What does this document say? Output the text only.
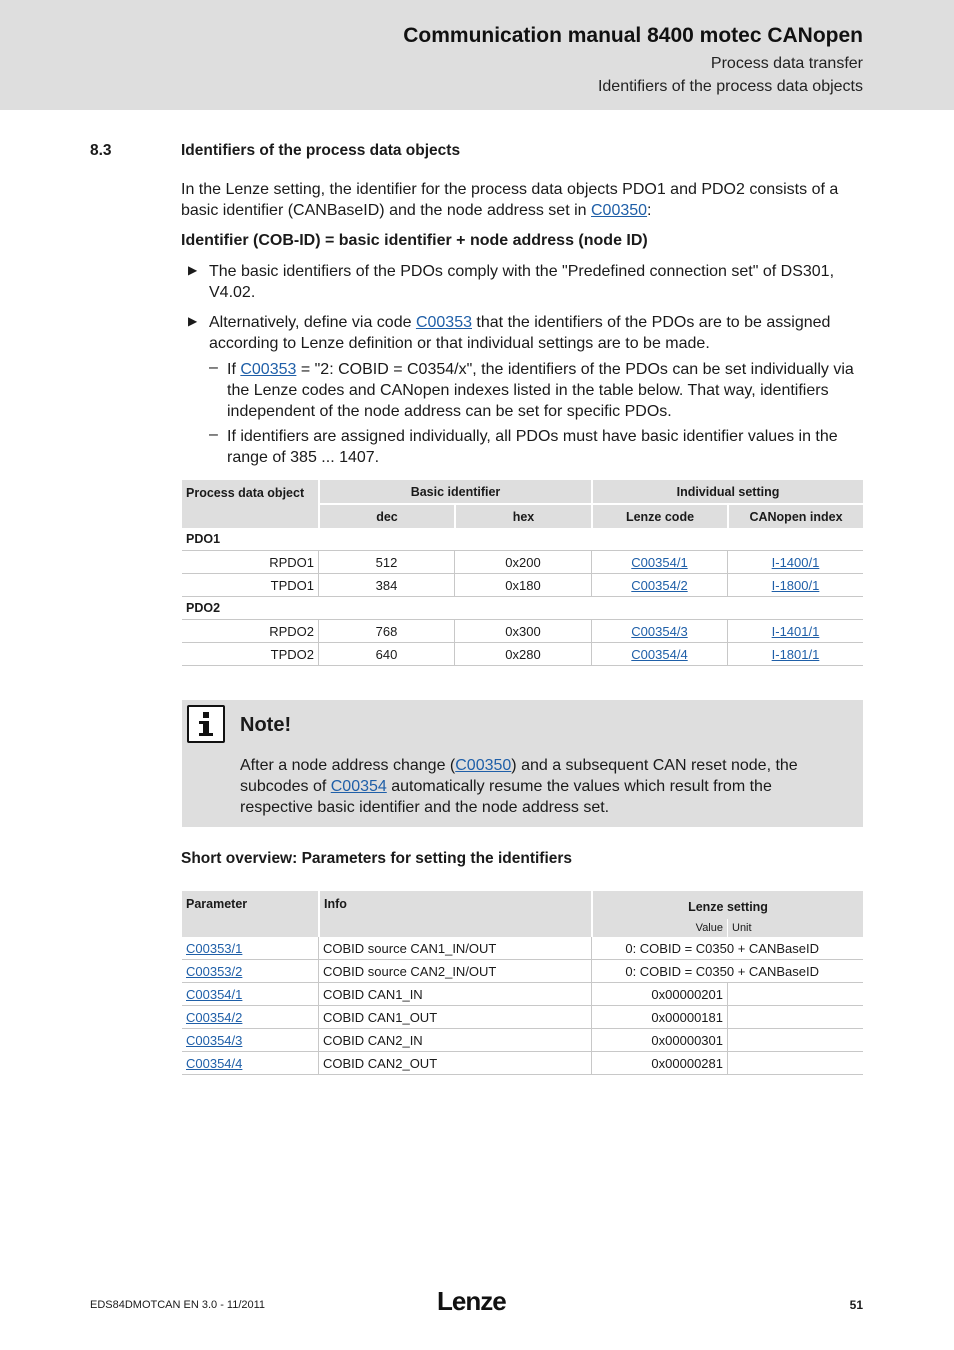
Communication manual 8400 motec CANopen
Process data transfer
Identifiers of the process data objects
8.3	Identifiers of the process data objects
In the Lenze setting, the identifier for the process data objects PDO1 and PDO2 consists of a basic identifier (CANBaseID) and the node address set in C00350:
Identifier (COB-ID) = basic identifier + node address (node ID)
▶ The basic identifiers of the PDOs comply with the "Predefined connection set" of DS301, V4.02.
▶ Alternatively, define via code C00353 that the identifiers of the PDOs are to be assigned according to Lenze definition or that individual settings are to be made.
– If C00353 = "2: COBID = C0354/x", the identifiers of the PDOs can be set individually via the Lenze codes and CANopen indexes listed in the table below. That way, identifiers independent of the node address can be set for specific PDOs.
– If identifiers are assigned individually, all PDOs must have basic identifier values in the range of 385 ... 1407.
Process data object	Basic identifier		Individual setting	
	dec	hex	Lenze code	CANopen index
PDO1				
RPDO1	512	0x200	C00354/1	I-1400/1
TPDO1	384	0x180	C00354/2	I-1800/1
PDO2				
RPDO2	768	0x300	C00354/3	I-1401/1
TPDO2	640	0x280	C00354/4	I-1801/1
Note!
After a node address change (C00350) and a subsequent CAN reset node, the subcodes of C00354 automatically resume the values which result from the respective basic identifier and the node address set.
Short overview: Parameters for setting the identifiers
Parameter	Info	Lenze setting	
		Value	Unit
C00353/1	COBID source CAN1_IN/OUT	0: COBID = C0350 + CANBaseID	
C00353/2	COBID source CAN2_IN/OUT	0: COBID = C0350 + CANBaseID	
C00354/1	COBID CAN1_IN	0x00000201	
C00354/2	COBID CAN1_OUT	0x00000181	
C00354/3	COBID CAN2_IN	0x00000301	
C00354/4	COBID CAN2_OUT	0x00000281	
EDS84DMOTCAN EN 3.0 - 11/2011	Lenze	51
